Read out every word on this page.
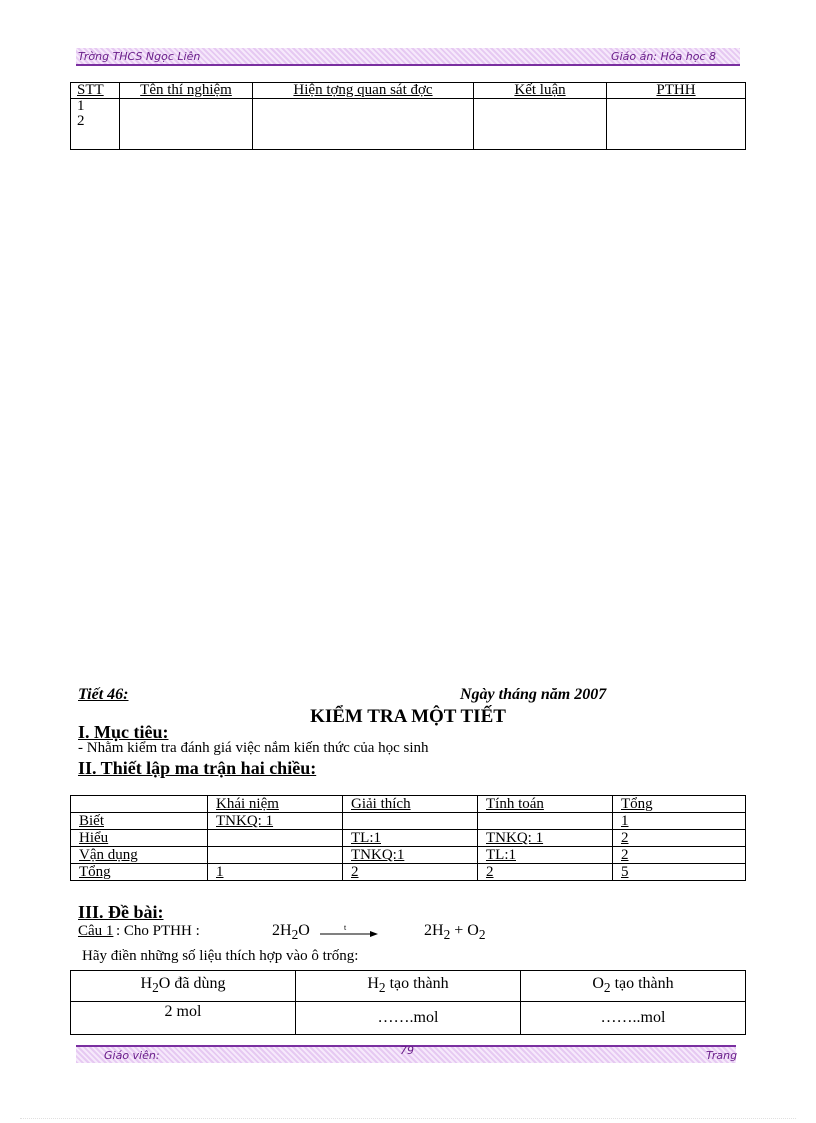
Trờng THCS Ngọc Liên	Giáo án: Hóa học 8
STT	Tên thí nghiệm	Hiện tợng quan sát đợc	Kết luận	PTHH

1
2				

Tiết 46:	Ngày tháng năm 2007
KIỂM TRA MỘT TIẾT
I. Mục tiêu:
- Nhằm kiểm tra đánh giá việc nắm kiến thức của học sinh
II. Thiết lập ma trận hai chiều:
	Khái niệm	Giải thích	Tính toán	Tổng
Biết	TNKQ: 1			1
Hiểu		TL:1	TNKQ: 1	2
Vận dụng		TNKQ:1	TL:1	2
Tổng	1	2	2	5
III. Đề bài:
Câu 1 : Cho PTHH :	$2H_2O$	t	$2H_2 + O_2$
Hãy điền những số liệu thích hợp vào ô trống:
$H_2O$ đã dùng	$H_2$ tạo thành	$O_2$ tạo thành
2 mol	…….mol	……..mol
Giáo viên:	79	Trang
